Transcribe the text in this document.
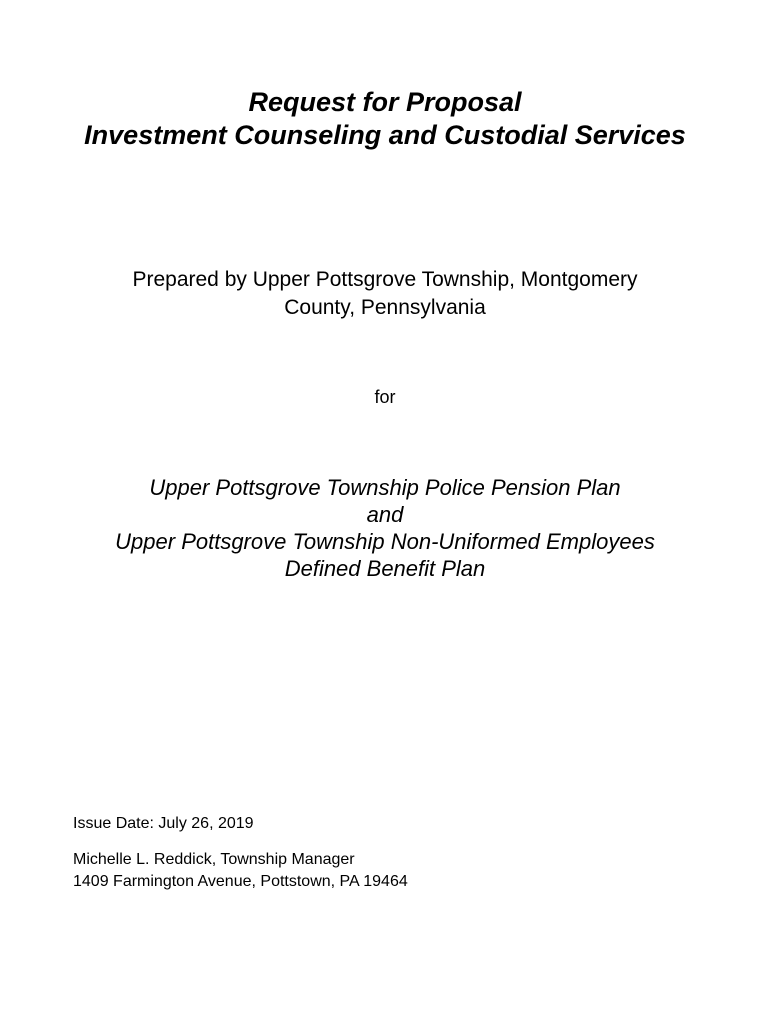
Request for Proposal
Investment Counseling and Custodial Services
Prepared by Upper Pottsgrove Township, Montgomery
County, Pennsylvania
for
Upper Pottsgrove Township Police Pension Plan
and
Upper Pottsgrove Township Non-Uniformed Employees
Defined Benefit Plan
Issue Date: July 26, 2019
Michelle L. Reddick, Township Manager
1409 Farmington Avenue, Pottstown, PA 19464
